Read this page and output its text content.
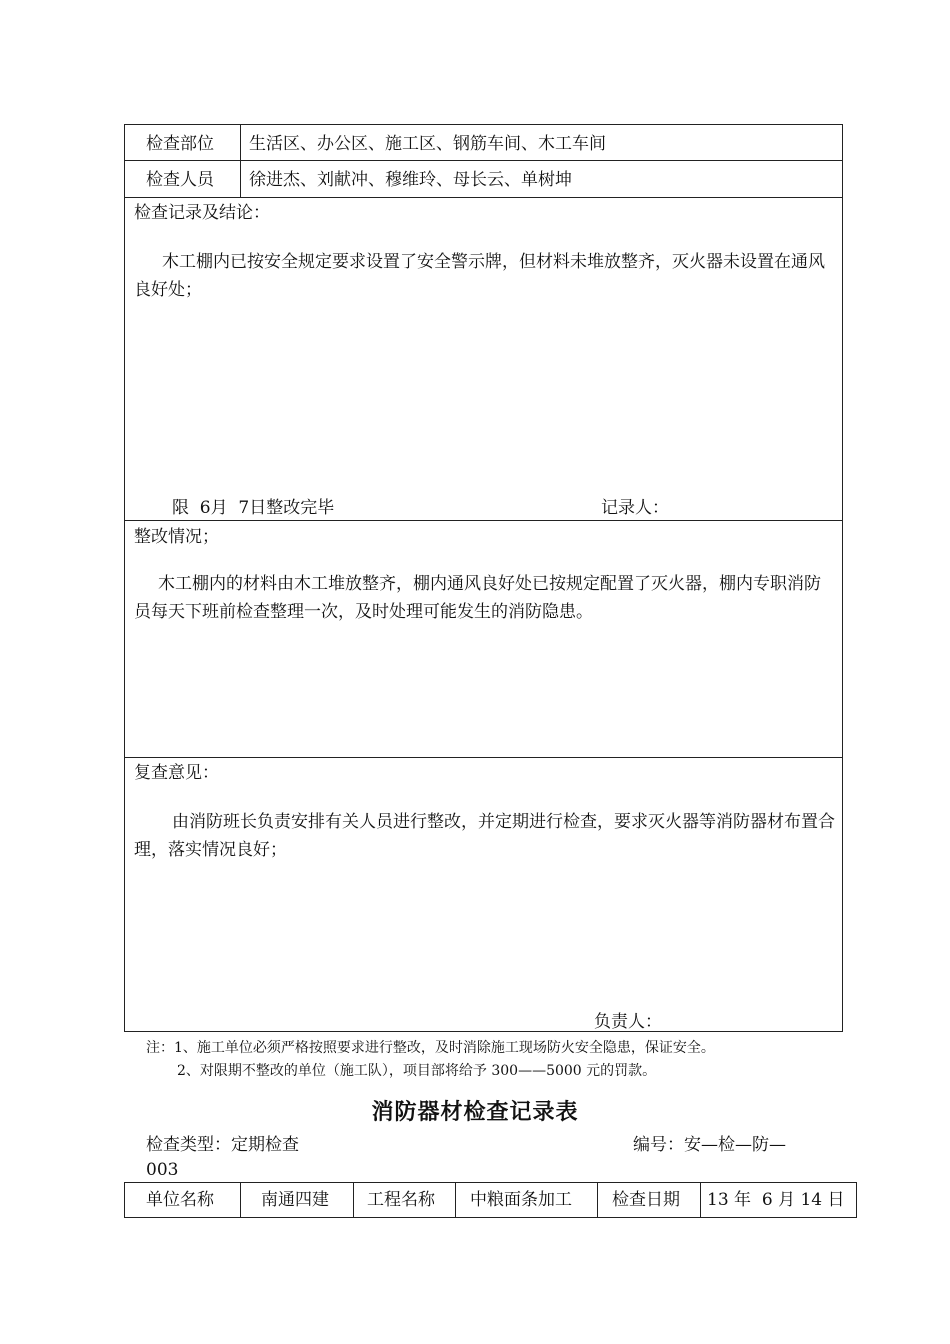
检查部位 生活区、办公区、施工区、钢筋车间、木工车间
检查人员 徐进杰、刘献冲、穆维玲、母长云、单树坤
检查记录及结论：
木工棚内已按安全规定要求设置了安全警示牌，但材料未堆放整齐，灭火器未设置在通风良好处；
限  6月  7日整改完毕	记录人：
整改情况；
木工棚内的材料由木工堆放整齐，棚内通风良好处已按规定配置了灭火器，棚内专职消防员每天下班前检查整理一次，及时处理可能发生的消防隐患。
复查意见：
由消防班长负责安排有关人员进行整改，并定期进行检查，要求灭火器等消防器材布置合理，落实情况良好；
负责人：
注：1、施工单位必须严格按照要求进行整改，及时消除施工现场防火安全隐患，保证安全。
2、对限期不整改的单位（施工队），项目部将给予 300——5000 元的罚款。
消防器材检查记录表
检查类型：定期检查	编号：安—检—防—
003
单位名称	南通四建 工程名称 中粮面条加工 检查日期 13 年  6 月 14 日
